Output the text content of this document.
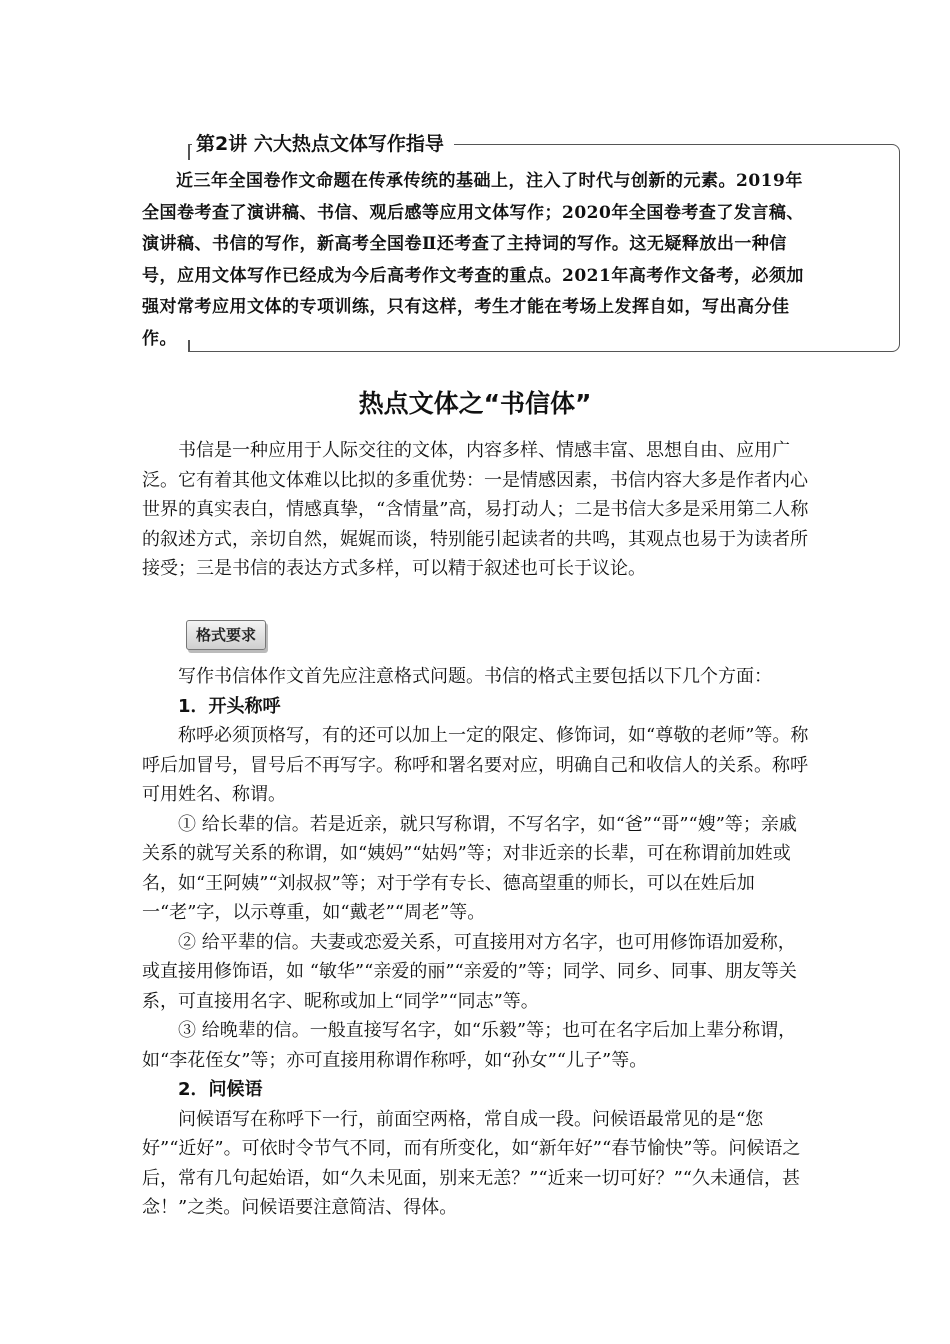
第2讲 六大热点文体写作指导

近三年全国卷作文命题在传承传统的基础上，注入了时代与创新的元素。2019年全国卷考查了演讲稿、书信、观后感等应用文体写作；2020年全国卷考查了发言稿、演讲稿、书信的写作，新高考全国卷Ⅱ还考查了主持词的写作。这无疑释放出一种信号，应用文体写作已经成为今后高考作文考查的重点。2021年高考作文备考，必须加强对常考应用文体的专项训练，只有这样，考生才能在考场上发挥自如，写出高分佳作。

热点文体之“书信体”

书信是一种应用于人际交往的文体，内容多样、情感丰富、思想自由、应用广泛。它有着其他文体难以比拟的多重优势：一是情感因素，书信内容大多是作者内心世界的真实表白，情感真挚，“含情量”高，易打动人；二是书信大多是采用第二人称的叙述方式，亲切自然，娓娓而谈，特别能引起读者的共鸣，其观点也易于为读者所接受；三是书信的表达方式多样，可以精于叙述也可长于议论。

格式要求

写作书信体作文首先应注意格式问题。书信的格式主要包括以下几个方面：

1．开头称呼

称呼必须顶格写，有的还可以加上一定的限定、修饰词，如“尊敬的老师”等。称呼后加冒号，冒号后不再写字。称呼和署名要对应，明确自己和收信人的关系。称呼可用姓名、称谓。

① 给长辈的信。若是近亲，就只写称谓，不写名字，如“爸”“哥”“嫂”等；亲戚关系的就写关系的称谓，如“姨妈”“姑妈”等；对非近亲的长辈，可在称谓前加姓或名，如“王阿姨”“刘叔叔”等；对于学有专长、德高望重的师长，可以在姓后加一“老”字，以示尊重，如“戴老”“周老”等。

② 给平辈的信。夫妻或恋爱关系，可直接用对方名字，也可用修饰语加爱称，或直接用修饰语，如 “敏华”“亲爱的丽”“亲爱的”等；同学、同乡、同事、朋友等关系，可直接用名字、昵称或加上“同学”“同志”等。

③ 给晚辈的信。一般直接写名字，如“乐毅”等；也可在名字后加上辈分称谓，如“李花侄女”等；亦可直接用称谓作称呼，如“孙女”“儿子”等。

2．问候语

问候语写在称呼下一行，前面空两格，常自成一段。问候语最常见的是“您好”“近好”。可依时令节气不同，而有所变化，如“新年好”“春节愉快”等。问候语之后，常有几句起始语，如“久未见面，别来无恙？”“近来一切可好？”“久未通信，甚念！”之类。问候语要注意简洁、得体。
